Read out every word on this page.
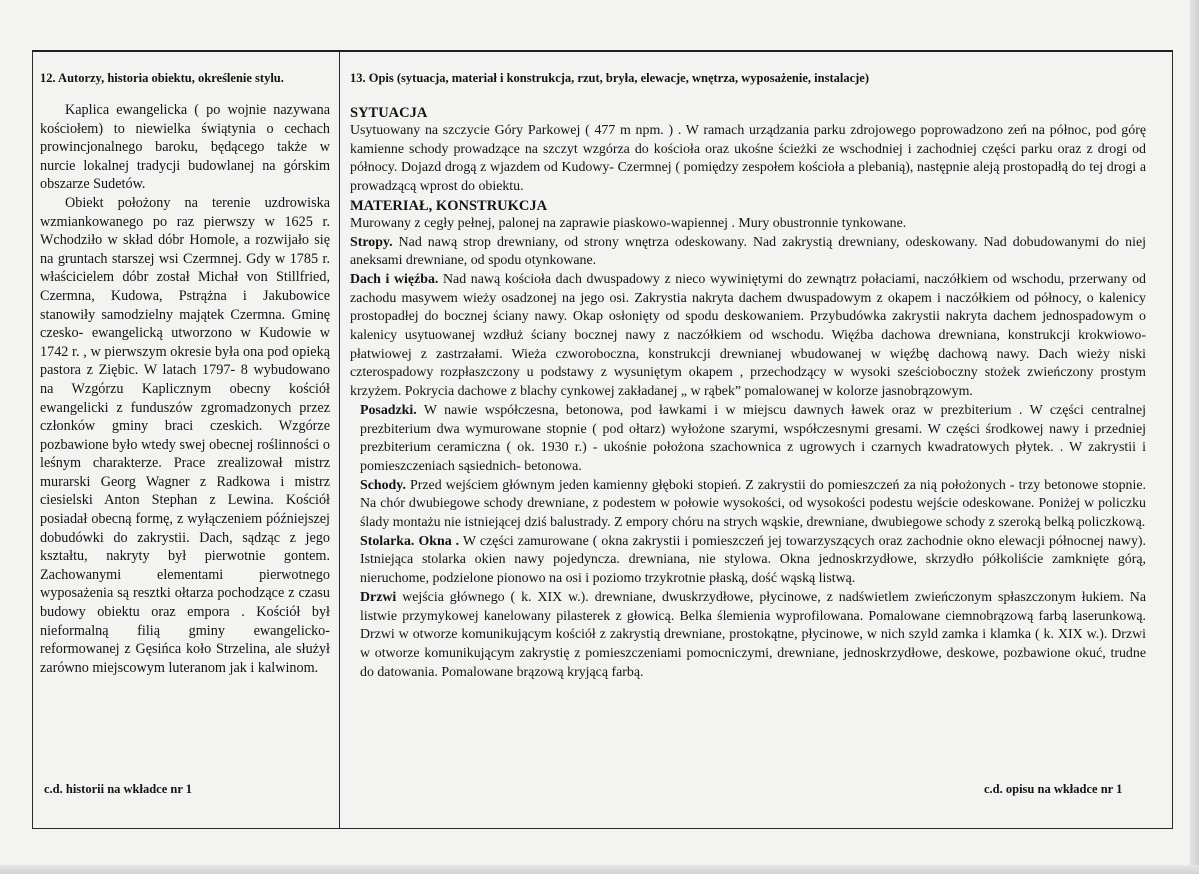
12. Autorzy, historia obiektu, określenie stylu.

Kaplica ewangelicka ( po wojnie nazywana kościołem) to niewielka świątynia o cechach prowincjonalnego baroku, będącego także w nurcie lokalnej tradycji budowlanej na górskim obszarze Sudetów.

Obiekt położony na terenie uzdrowiska wzmiankowanego po raz pierwszy w 1625 r. Wchodziło w skład dóbr Homole, a rozwijało się na gruntach starszej wsi Czermnej. Gdy w 1785 r. właścicielem dóbr został Michał von Stillfried, Czermna, Kudowa, Pstrążna i Jakubowice stanowiły samodzielny majątek Czermna. Gminę czesko- ewangelicką utworzono w Kudowie w 1742 r. , w pierwszym okresie była ona pod opieką pastora z Ziębic. W latach 1797- 8 wybudowano na Wzgórzu Kaplicznym obecny kościół ewangelicki z funduszów zgromadzonych przez członków gminy braci czeskich. Wzgórze pozbawione było wtedy swej obecnej roślinności o leśnym charakterze. Prace zrealizował mistrz murarski Georg Wagner z Radkowa i mistrz ciesielski Anton Stephan z Lewina. Kościół posiadał obecną formę, z wyłączeniem późniejszej dobudówki do zakrystii. Dach, sądząc z jego kształtu, nakryty był pierwotnie gontem. Zachowanymi elementami pierwotnego wyposażenia są resztki ołtarza pochodzące z czasu budowy obiektu oraz empora . Kościół był nieformalną filią gminy ewangelicko- reformowanej z Gęsińca koło Strzelina, ale służył zarówno miejscowym luteranom jak i kalwinom.

13. Opis (sytuacja, materiał i konstrukcja, rzut, bryła, elewacje, wnętrza, wyposażenie, instalacje)
SYTUACJA

Usytuowany na szczycie Góry Parkowej ( 477 m npm. ) . W ramach urządzania parku zdrojowego poprowadzono zeń na północ, pod górę kamienne schody prowadzące na szczyt wzgórza do kościoła oraz ukośne ścieżki ze wschodniej i zachodniej części parku oraz z drogi od północy. Dojazd drogą z wjazdem od Kudowy- Czermnej ( pomiędzy zespołem kościoła a plebanią), następnie aleją prostopadłą do tej drogi a prowadzącą wprost do obiektu.

MATERIAŁ, KONSTRUKCJA

Murowany z cegły pełnej, palonej na zaprawie piaskowo-wapiennej . Mury obustronnie tynkowane.

Stropy. Nad nawą strop drewniany, od strony wnętrza odeskowany. Nad zakrystią drewniany, odeskowany. Nad dobudowanymi do niej aneksami drewniane, od spodu otynkowane.

Dach i więźba. Nad nawą kościoła dach dwuspadowy z nieco wywiniętymi do zewnątrz połaciami, naczółkiem od wschodu, przerwany od zachodu masywem wieży osadzonej na jego osi. Zakrystia nakryta dachem dwuspadowym z okapem i naczółkiem od północy, o kalenicy prostopadłej do bocznej ściany nawy. Okap osłonięty od spodu deskowaniem. Przybudówka zakrystii nakryta dachem jednospadowym o kalenicy usytuowanej wzdłuż ściany bocznej nawy z naczółkiem od wschodu. Więźba dachowa drewniana, konstrukcji krokwiowo- płatwiowej z zastrzałami. Wieża czworoboczna, konstrukcji drewnianej wbudowanej w więźbę dachową nawy. Dach wieży niski czterospadowy rozpłaszczony u podstawy z wysuniętym okapem , przechodzący w wysoki sześcioboczny stożek zwieńczony prostym krzyżem. Pokrycia dachowe z blachy cynkowej zakładanej „ w rąbek” pomalowanej w kolorze jasnobrązowym.

Posadzki. W nawie współczesna, betonowa, pod ławkami i w miejscu dawnych ławek oraz w prezbiterium . W części centralnej prezbiterium dwa wymurowane stopnie ( pod ołtarz) wyłożone szarymi, współczesnymi gresami. W części środkowej nawy i przedniej prezbiterium ceramiczna ( ok. 1930 r.) - ukośnie położona szachownica z ugrowych i czarnych kwadratowych płytek. . W zakrystii i pomieszczeniach sąsiednich- betonowa.

Schody. Przed wejściem głównym jeden kamienny głęboki stopień. Z zakrystii do pomieszczeń za nią położonych - trzy betonowe stopnie. Na chór dwubiegowe schody drewniane, z podestem w połowie wysokości, od wysokości podestu wejście odeskowane. Poniżej w policzku ślady montażu nie istniejącej dziś balustrady. Z empory chóru na strych wąskie, drewniane, dwubiegowe schody z szeroką belką policzkową.

Stolarka. Okna . W części zamurowane ( okna zakrystii i pomieszczeń jej towarzyszących oraz zachodnie okno elewacji północnej nawy). Istniejąca stolarka okien nawy pojedyncza. drewniana, nie stylowa. Okna jednoskrzydłowe, skrzydło półkoliście zamknięte górą, nieruchome, podzielone pionowo na osi i poziomo trzykrotnie płaską, dość wąską listwą.

Drzwi wejścia głównego ( k. XIX w.). drewniane, dwuskrzydłowe, płycinowe, z nadświetlem zwieńczonym spłaszczonym łukiem. Na listwie przymykowej kanelowany pilasterek z głowicą. Belka ślemienia wyprofilowana. Pomalowane ciemnobrązową farbą laserunkową. Drzwi w otworze komunikującym kościół z zakrystią drewniane, prostokątne, płycinowe, w nich szyld zamka i klamka ( k. XIX w.). Drzwi w otworze komunikującym zakrystię z pomieszczeniami pomocniczymi, drewniane, jednoskrzydłowe, deskowe, pozbawione okuć, trudne do datowania. Pomalowane brązową kryjącą farbą.

c.d. historii na wkładce nr 1	c.d. opisu na wkładce nr 1
